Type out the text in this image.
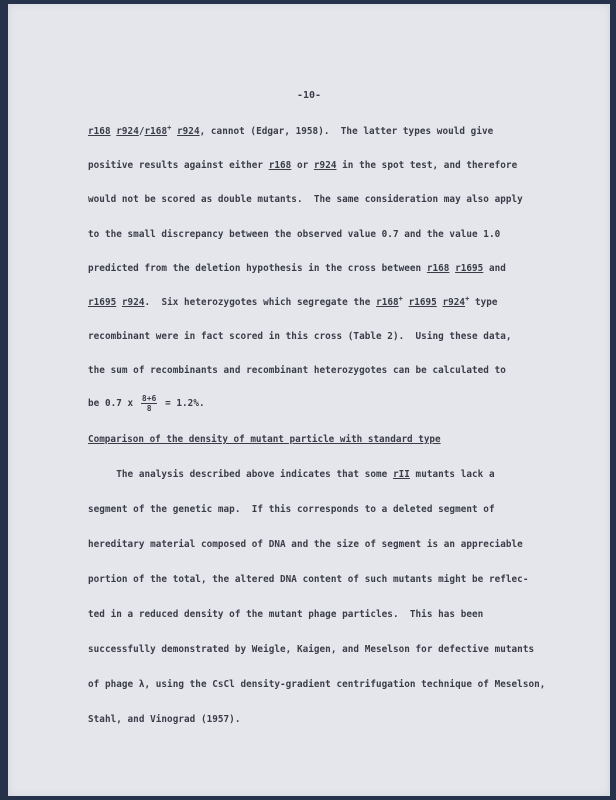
-10-
r168 r924/r168+ r924, cannot (Edgar, 1958).  The latter types would give
positive results against either r168 or r924 in the spot test, and therefore
would not be scored as double mutants.  The same consideration may also apply
to the small discrepancy between the observed value 0.7 and the value 1.0
predicted from the deletion hypothesis in the cross between r168 r1695 and
r1695 r924.  Six heterozygotes which segregate the r168+ r1695 r924+ type
recombinant were in fact scored in this cross (Table 2).  Using these data,
the sum of recombinants and recombinant heterozygotes can be calculated to
be 0.7 x $\frac{8+6}{8} = 1.2\%$.
Comparison of the density of mutant particle with standard type
The analysis described above indicates that some rII mutants lack a
segment of the genetic map.  If this corresponds to a deleted segment of
hereditary material composed of DNA and the size of segment is an appreciable
portion of the total, the altered DNA content of such mutants might be reflec-
ted in a reduced density of the mutant phage particles.  This has been
successfully demonstrated by Weigle, Kaigen, and Meselson for defective mutants
of phage λ, using the CsCl density-gradient centrifugation technique of Meselson,
Stahl, and Vinograd (1957).
